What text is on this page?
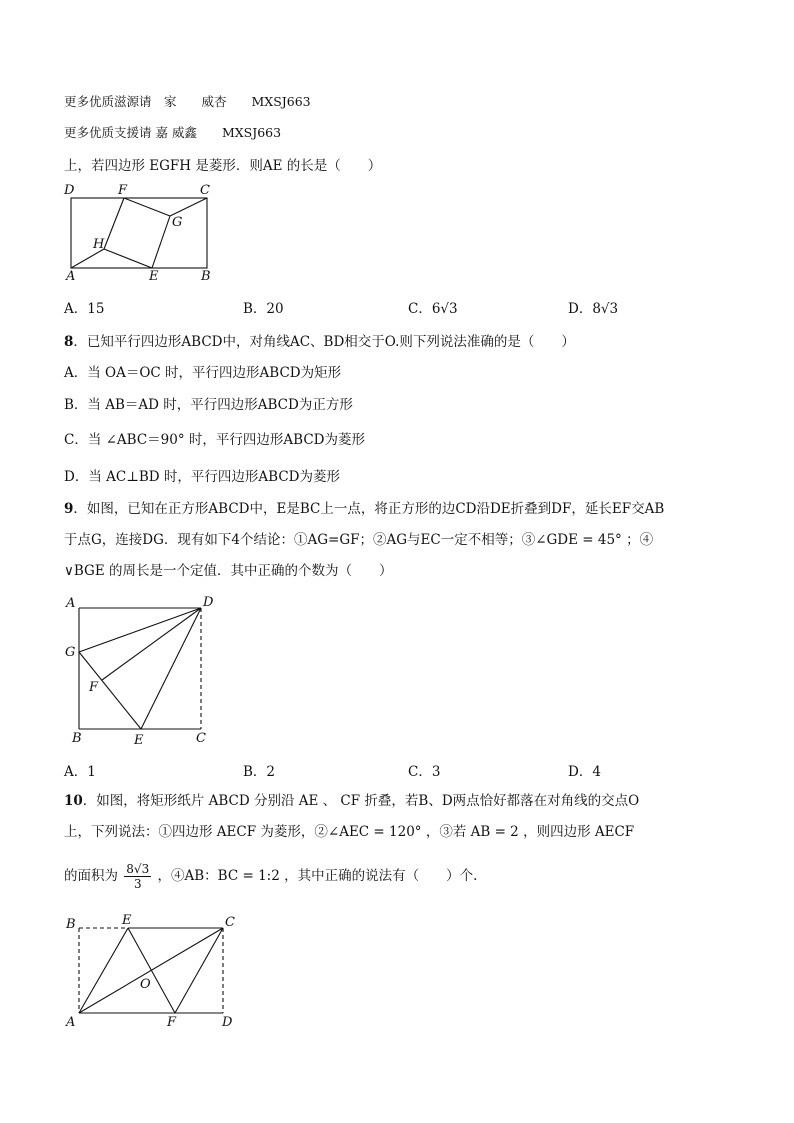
更多优质滋源请　家　　威杏　　MXSJ663
更多优质支援请 嘉 威鑫　　MXSJ663
上，若四边形 EGFH 是菱形．则AE 的长是（　　）
D	F	C
G
H
A	E	B
A．15	B．20	C．6√3	D．8√3
8．已知平行四边形ABCD中，对角线AC、BD相交于O.则下列说法准确的是（　　）
A．当 OA＝OC 时，平行四边形ABCD为矩形
B．当 AB＝AD 时，平行四边形ABCD为正方形
C．当 ∠ABC＝90° 时，平行四边形ABCD为菱形
D．当 AC⊥BD 时，平行四边形ABCD为菱形
9．如图，已知在正方形ABCD中，E是BC上一点，将正方形的边CD沿DE折叠到DF，延长EF交AB
于点G，连接DG．现有如下4个结论：①AG=GF；②AG与EC一定不相等；③∠GDE = 45° ；④
∨BGE 的周长是一个定值．其中正确的个数为（　　）
A	D
G
F
B	E	C
A．1	B．2	C．3	D．4
10．如图，将矩形纸片 ABCD 分别沿 AE 、 CF 折叠，若B、D两点恰好都落在对角线的交点O
上，下列说法：①四边形 AECF 为菱形，②∠AEC = 120° ，③若 AB = 2 ，则四边形 AECF
的面积为 $\frac{8√3}{3}$ ，④AB：BC = 1:2 ，其中正确的说法有（　　）个.
B	E	C
O
A	F	D
